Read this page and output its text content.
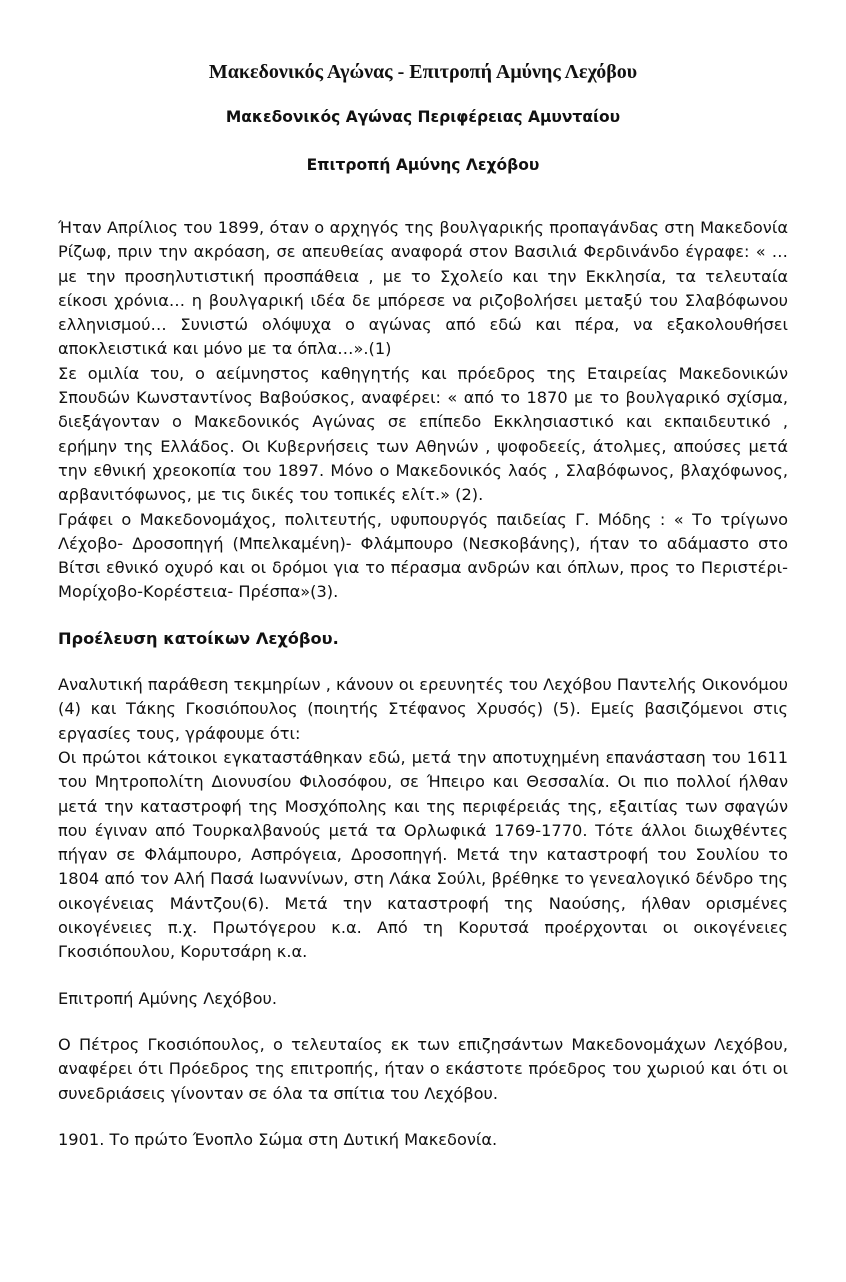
Μακεδονικός Αγώνας - Επιτροπή Αμύνης Λεχόβου
Μακεδονικός Αγώνας Περιφέρειας Αμυνταίου
Επιτροπή Αμύνης Λεχόβου

Ήταν Απρίλιος του 1899, όταν ο αρχηγός της βουλγαρικής προπαγάνδας στη Μακεδονία Ρίζωφ, πριν την ακρόαση, σε απευθείας αναφορά στον Βασιλιά Φερδινάνδο έγραφε: « … με την προσηλυτιστική προσπάθεια , με το Σχολείο και την Εκκλησία, τα τελευταία είκοσι χρόνια… η βουλγαρική ιδέα δε μπόρεσε να ριζοβολήσει μεταξύ του Σλαβόφωνου ελληνισμού… Συνιστώ ολόψυχα ο αγώνας από εδώ και πέρα, να εξακολουθήσει αποκλειστικά και μόνο με τα όπλα…».(1)

Σε ομιλία του, ο αείμνηστος καθηγητής και πρόεδρος της Εταιρείας Μακεδονικών Σπουδών Κωνσταντίνος Βαβούσκος, αναφέρει: « από το 1870 με το βουλγαρικό σχίσμα, διεξάγονταν ο Μακεδονικός Αγώνας σε επίπεδο Εκκλησιαστικό και εκπαιδευτικό , ερήμην της Ελλάδος. Οι Κυβερνήσεις των Αθηνών , ψοφοδεείς, άτολμες, απούσες μετά την εθνική χρεοκοπία του 1897. Μόνο ο Μακεδονικός λαός , Σλαβόφωνος, βλαχόφωνος, αρβανιτόφωνος, με τις δικές του τοπικές ελίτ.» (2).

Γράφει ο Μακεδονομάχος, πολιτευτής, υφυπουργός παιδείας Γ. Μόδης : « Το τρίγωνο Λέχοβο- Δροσοπηγή (Μπελκαμένη)- Φλάμπουρο (Νεσκοβάνης), ήταν το αδάμαστο στο Βίτσι εθνικό οχυρό και οι δρόμοι για το πέρασμα ανδρών και όπλων, προς το Περιστέρι-Μορίχοβο-Κορέστεια- Πρέσπα»(3).

Προέλευση κατοίκων Λεχόβου.

Αναλυτική παράθεση τεκμηρίων , κάνουν οι ερευνητές του Λεχόβου Παντελής Οικονόμου (4) και Τάκης Γκοσιόπουλος (ποιητής Στέφανος Χρυσός) (5). Εμείς βασιζόμενοι στις εργασίες τους, γράφουμε ότι:

Οι πρώτοι κάτοικοι εγκαταστάθηκαν εδώ, μετά την αποτυχημένη επανάσταση του 1611 του Μητροπολίτη Διονυσίου Φιλοσόφου, σε Ήπειρο και Θεσσαλία. Οι πιο πολλοί ήλθαν μετά την καταστροφή της Μοσχόπολης και της περιφέρειάς της, εξαιτίας των σφαγών που έγιναν από Τουρκαλβανούς μετά τα Ορλωφικά 1769-1770. Τότε άλλοι διωχθέντες πήγαν σε Φλάμπουρο, Ασπρόγεια, Δροσοπηγή. Μετά την καταστροφή του Σουλίου το 1804 από τον Αλή Πασά Ιωαννίνων, στη Λάκα Σούλι, βρέθηκε το γενεαλογικό δένδρο της οικογένειας Μάντζου(6). Μετά την καταστροφή της Ναούσης, ήλθαν ορισμένες οικογένειες π.χ. Πρωτόγερου κ.α. Από τη Κορυτσά προέρχονται οι οικογένειες Γκοσιόπουλου, Κορυτσάρη κ.α.

Επιτροπή Αμύνης Λεχόβου.

Ο Πέτρος Γκοσιόπουλος, ο τελευταίος εκ των επιζησάντων Μακεδονομάχων Λεχόβου, αναφέρει ότι Πρόεδρος της επιτροπής, ήταν ο εκάστοτε πρόεδρος του χωριού και ότι οι συνεδριάσεις γίνονταν σε όλα τα σπίτια του Λεχόβου.

1901. Το πρώτο Ένοπλο Σώμα στη Δυτική Μακεδονία.
